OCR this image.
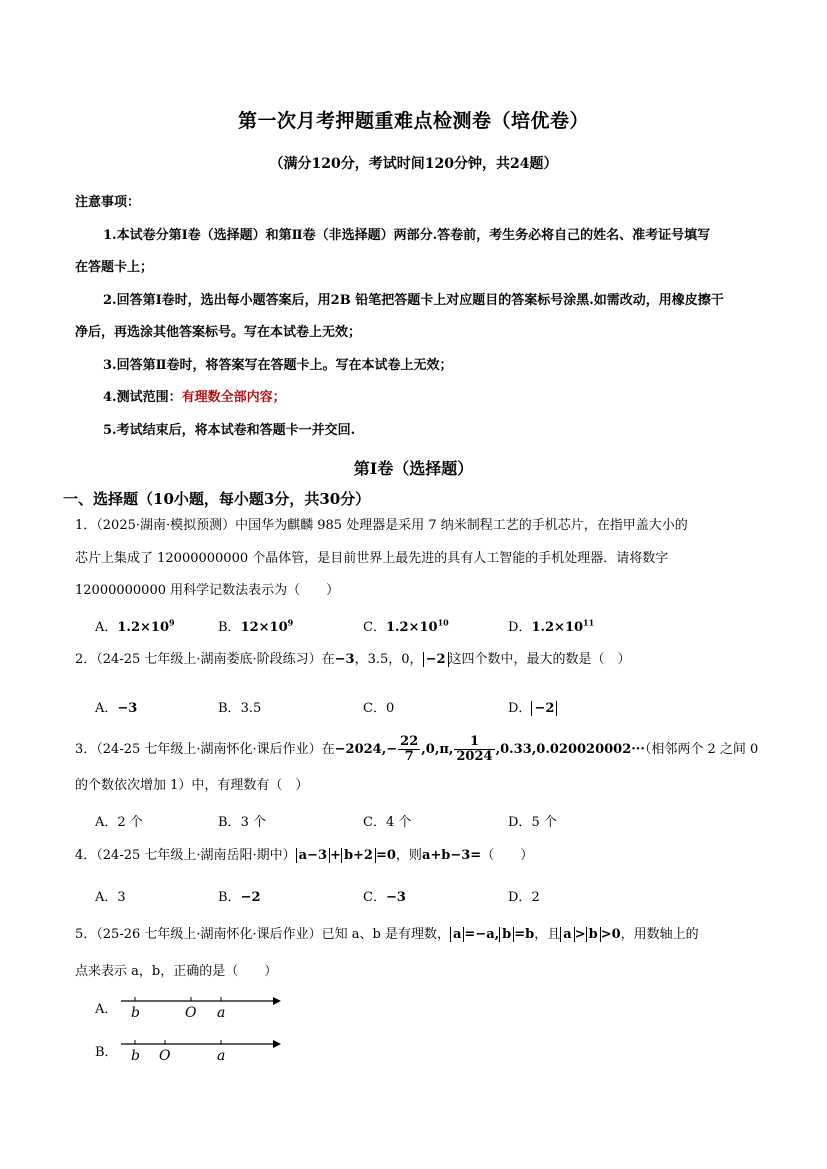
第一次月考押题重难点检测卷（培优卷）
（满分120分，考试时间120分钟，共24题）
注意事项：
1.本试卷分第Ⅰ卷（选择题）和第Ⅱ卷（非选择题）两部分.答卷前，考生务必将自己的姓名、准考证号填写
在答题卡上；
2.回答第Ⅰ卷时，选出每小题答案后，用2B 铅笔把答题卡上对应题目的答案标号涂黑.如需改动，用橡皮擦干
净后，再选涂其他答案标号。写在本试卷上无效；
3.回答第Ⅱ卷时，将答案写在答题卡上。写在本试卷上无效；
4.测试范围：有理数全部内容；
5.考试结束后，将本试卷和答题卡一并交回.
第Ⅰ卷（选择题）
一、选择题（10小题，每小题3分，共30分）
1．（2025·湖南·模拟预测）中国华为麒麟 985 处理器是采用 7 纳米制程工艺的手机芯片，在指甲盖大小的
芯片上集成了 12000000000 个晶体管，是目前世界上最先进的具有人工智能的手机处理器．请将数字
12000000000 用科学记数法表示为（　　）
A．$1.2\times 10^9$	B．$12\times 10^9$	C．$1.2\times 10^{10}$	D．$1.2\times 10^{11}$
2．（24-25 七年级上·湖南娄底·阶段练习）在−3，3.5，0， −2 这四个数中，最大的数是（　）
A．−3	B．3.5	C．0	D． −2
3．（24-25 七年级上·湖南怀化·课后作业）在$-2024,- \frac{22}{7} ,0,\pi$, $\frac{1}{2024} ,0.33,0.020020002\cdot\cdot\cdot$（相邻两个 2 之间 0
的个数依次增加 1）中，有理数有（　）
A．2 个	B．3 个	C．4 个	D．5 个
4．（24-25 七年级上·湖南岳阳·期中） a−3 + b+2 =0，则a+b−3=（　　）
A．3	B．−2	C．−3	D．2
5．（25-26 七年级上·湖南怀化·课后作业）已知 a、b 是有理数， a =−a, b =b，且 a > b >0，用数轴上的
点来表示 a，b，正确的是（　　）
A． b	O a
B． b O	a
